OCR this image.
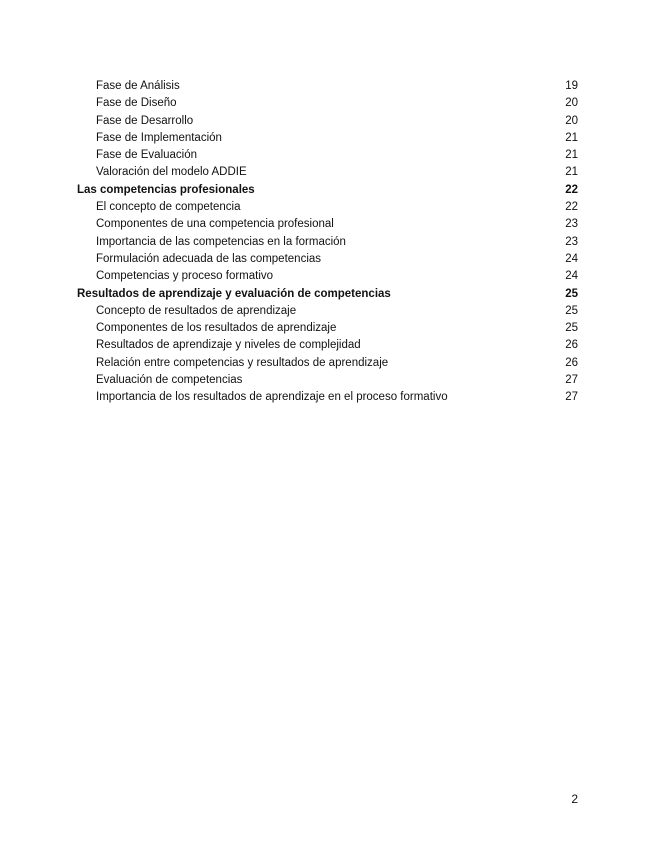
Fase de Análisis	19
Fase de Diseño	20
Fase de Desarrollo	20
Fase de Implementación	21
Fase de Evaluación	21
Valoración del modelo ADDIE	21
Las competencias profesionales	22
El concepto de competencia	22
Componentes de una competencia profesional	23
Importancia de las competencias en la formación	23
Formulación adecuada de las competencias	24
Competencias y proceso formativo	24
Resultados de aprendizaje y evaluación de competencias	25
Concepto de resultados de aprendizaje	25
Componentes de los resultados de aprendizaje	25
Resultados de aprendizaje y niveles de complejidad	26
Relación entre competencias y resultados de aprendizaje	26
Evaluación de competencias	27
Importancia de los resultados de aprendizaje en el proceso formativo	27
2
